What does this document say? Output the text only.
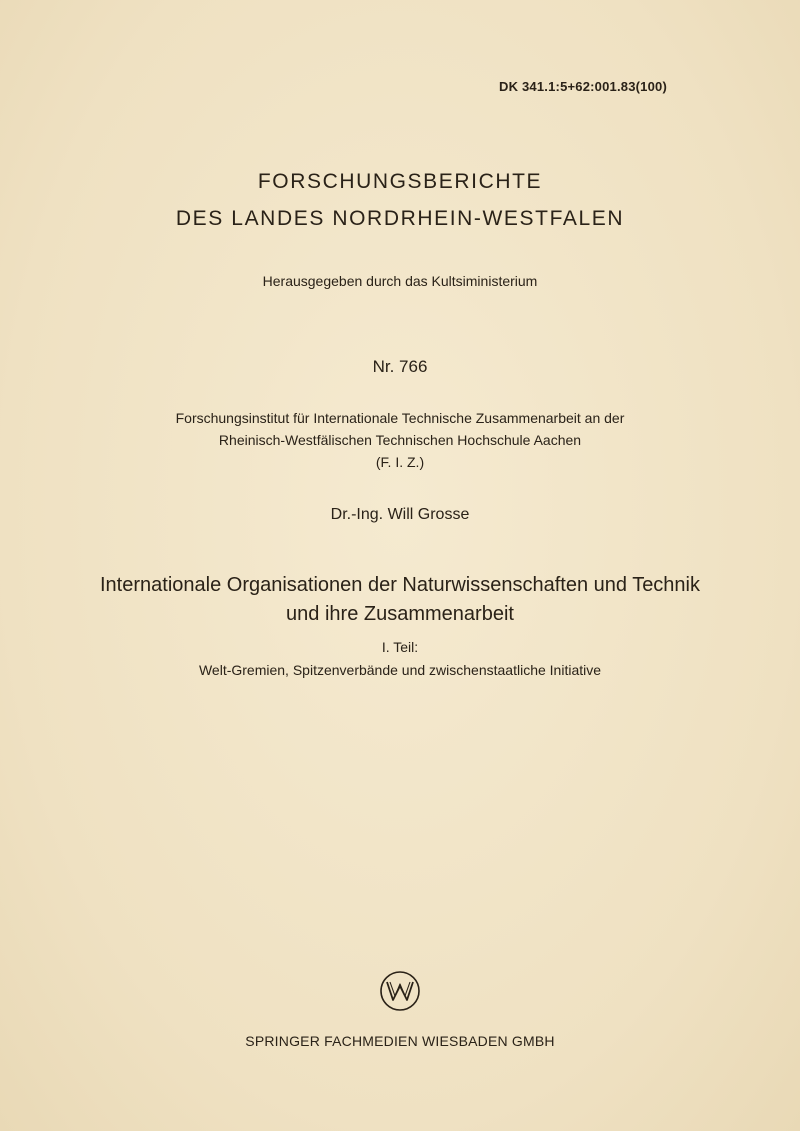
DK 341.1:5+62:001.83(100)
FORSCHUNGSBERICHTE
DES LANDES NORDRHEIN-WESTFALEN
Herausgegeben durch das Kultsiministerium
Nr. 766
Forschungsinstitut für Internationale Technische Zusammenarbeit an der
Rheinisch-Westfälischen Technischen Hochschule Aachen
(F. I. Z.)
Dr.-Ing. Will Grosse
Internationale Organisationen der Naturwissenschaften und Technik
und ihre Zusammenarbeit
I. Teil:
Welt-Gremien, Spitzenverbände und zwischenstaatliche Initiative
SPRINGER FACHMEDIEN WIESBADEN GMBH
